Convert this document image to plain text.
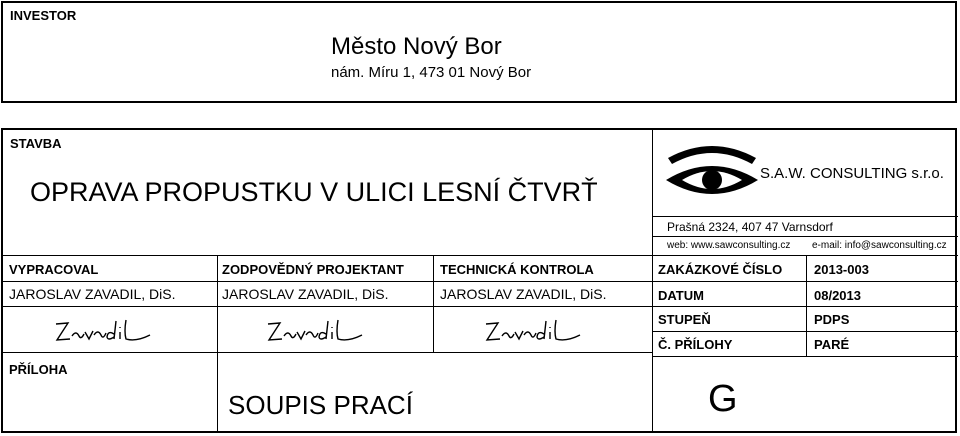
INVESTOR
Město Nový Bor
nám. Míru 1, 473 01 Nový Bor
STAVBA
OPRAVA PROPUSTKU V ULICI LESNÍ ČTVRŤ
S.A.W. CONSULTING s.r.o.
Prašná 2324, 407 47 Varnsdorf
web: www.sawconsulting.cz e-mail: info@sawconsulting.cz
VYPRACOVAL	ZODPOVĚDNÝ PROJEKTANT	TECHNICKÁ KONTROLA
JAROSLAV ZAVADIL, DiS.	JAROSLAV ZAVADIL, DiS.	JAROSLAV ZAVADIL, DiS.
ZAKÁZKOVÉ ČÍSLO 2013-003
DATUM	08/2013
STUPEŇ	PDPS
Č. PŘÍLOHY	PARÉ
G
PŘÍLOHA
SOUPIS PRACÍ
